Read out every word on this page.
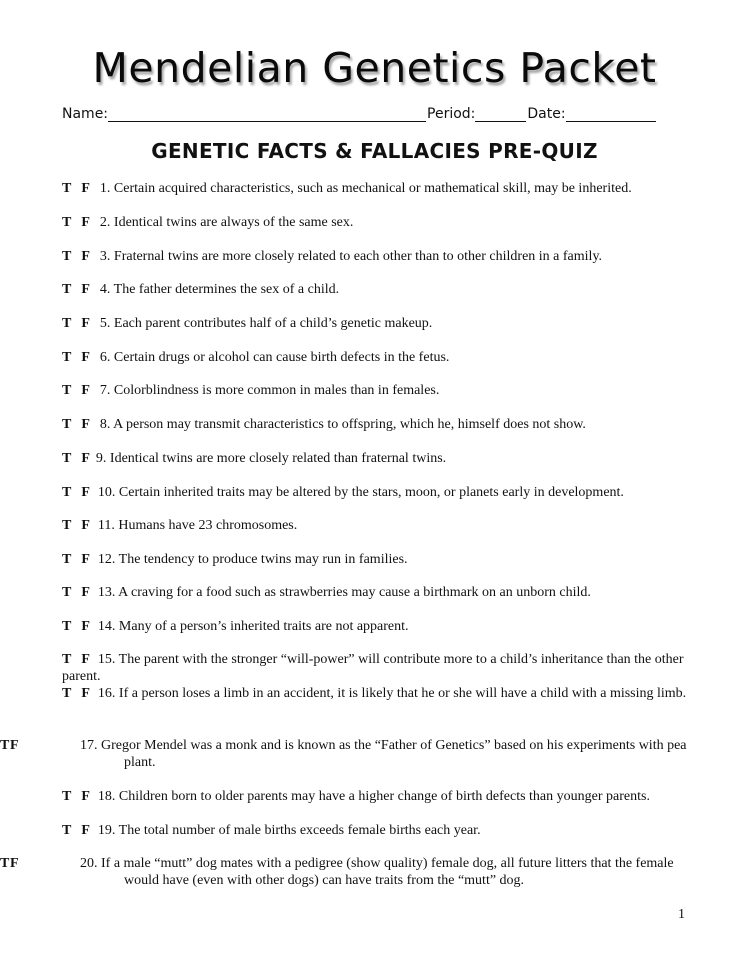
Mendelian Genetics Packet
Name:	Period:	Date:
GENETIC FACTS & FALLACIES PRE-QUIZ
T F 1. Certain acquired characteristics, such as mechanical or mathematical skill, may be inherited.
T F 2. Identical twins are always of the same sex.
T F 3. Fraternal twins are more closely related to each other than to other children in a family.
T F 4. The father determines the sex of a child.
T F 5. Each parent contributes half of a child’s genetic makeup.
T F 6. Certain drugs or alcohol can cause birth defects in the fetus.
T F 7. Colorblindness is more common in males than in females.
T F 8. A person may transmit characteristics to offspring, which he, himself does not show.
T F 9. Identical twins are more closely related than fraternal twins.
T F 10. Certain inherited traits may be altered by the stars, moon, or planets early in development.
T F 11. Humans have 23 chromosomes.
T F 12. The tendency to produce twins may run in families.
T F 13. A craving for a food such as strawberries may cause a birthmark on an unborn child.
T F 14. Many of a person’s inherited traits are not apparent.
T F 15. The parent with the stronger “will-power” will contribute more to a child’s inheritance than the other parent.
T F 16. If a person loses a limb in an accident, it is likely that he or she will have a child with a missing limb.
TF	17. Gregor Mendel was a monk and is known as the “Father of Genetics” based on his experiments with pea plant.
T F 18. Children born to older parents may have a higher change of birth defects than younger parents.
T F 19. The total number of male births exceeds female births each year.
TF	20. If a male “mutt” dog mates with a pedigree (show quality) female dog, all future litters that the female would have (even with other dogs) can have traits from the “mutt” dog.
1
